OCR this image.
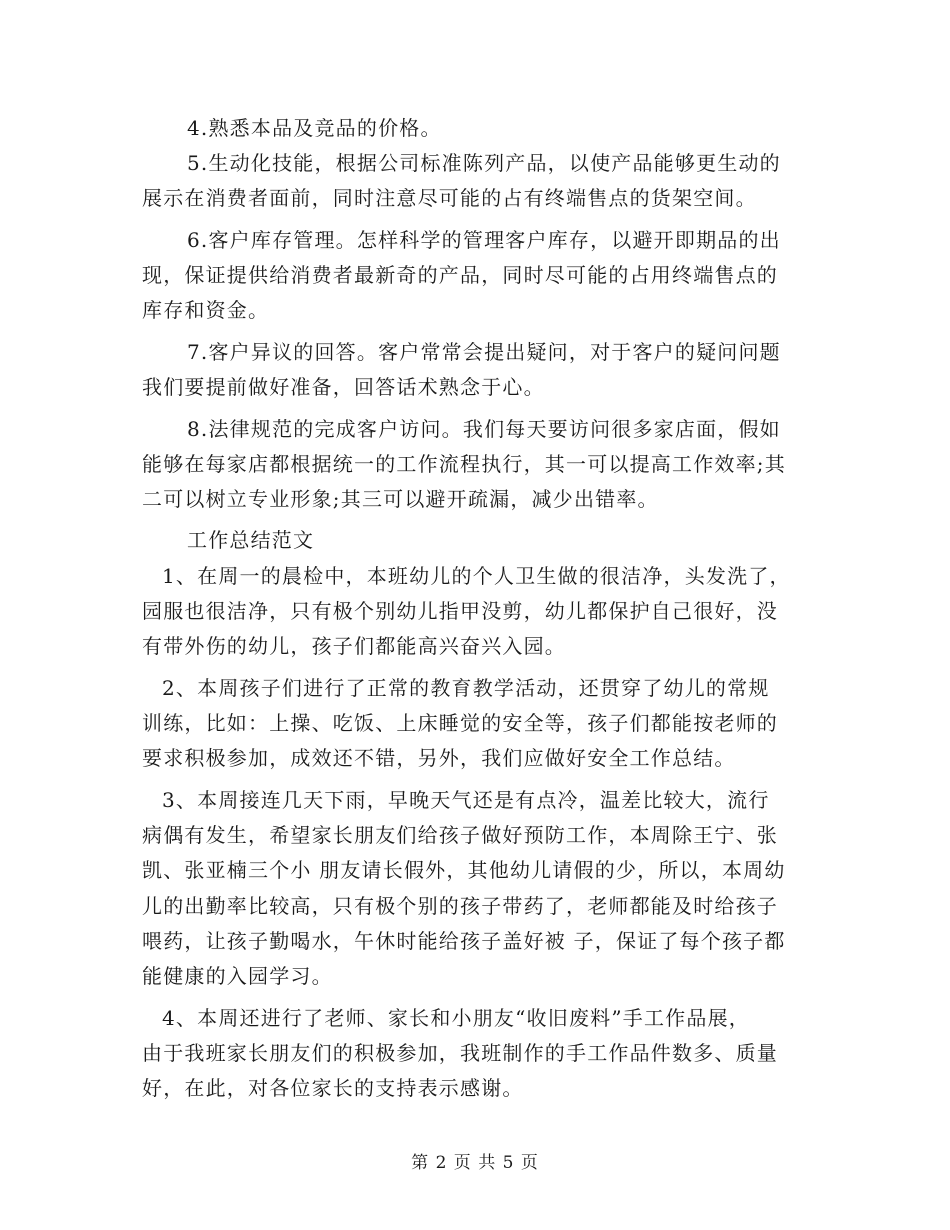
4.熟悉本品及竞品的价格。
5.生动化技能，根据公司标准陈列产品，以使产品能够更生动的
展示在消费者面前，同时注意尽可能的占有终端售点的货架空间。
6.客户库存管理。怎样科学的管理客户库存，以避开即期品的出
现，保证提供给消费者最新奇的产品，同时尽可能的占用终端售点的
库存和资金。
7.客户异议的回答。客户常常会提出疑问，对于客户的疑问问题
我们要提前做好准备，回答话术熟念于心。
8.法律规范的完成客户访问。我们每天要访问很多家店面，假如
能够在每家店都根据统一的工作流程执行，其一可以提高工作效率;其
二可以树立专业形象;其三可以避开疏漏，减少出错率。
工作总结范文
1、在周一的晨检中，本班幼儿的个人卫生做的很洁净，头发洗了，
园服也很洁净，只有极个别幼儿指甲没剪，幼儿都保护自己很好，没
有带外伤的幼儿，孩子们都能高兴奋兴入园。
2、本周孩子们进行了正常的教育教学活动，还贯穿了幼儿的常规
训练，比如：上操、吃饭、上床睡觉的安全等，孩子们都能按老师的
要求积极参加，成效还不错，另外，我们应做好安全工作总结。
3、本周接连几天下雨，早晚天气还是有点冷，温差比较大，流行
病偶有发生，希望家长朋友们给孩子做好预防工作，本周除王宁、张
凯、张亚楠三个小 朋友请长假外，其他幼儿请假的少，所以，本周幼
儿的出勤率比较高，只有极个别的孩子带药了，老师都能及时给孩子
喂药，让孩子勤喝水，午休时能给孩子盖好被 子，保证了每个孩子都
能健康的入园学习。
4、本周还进行了老师、家长和小朋友“收旧废料”手工作品展，
由于我班家长朋友们的积极参加，我班制作的手工作品件数多、质量
好，在此，对各位家长的支持表示感谢。
第 2 页 共 5 页
